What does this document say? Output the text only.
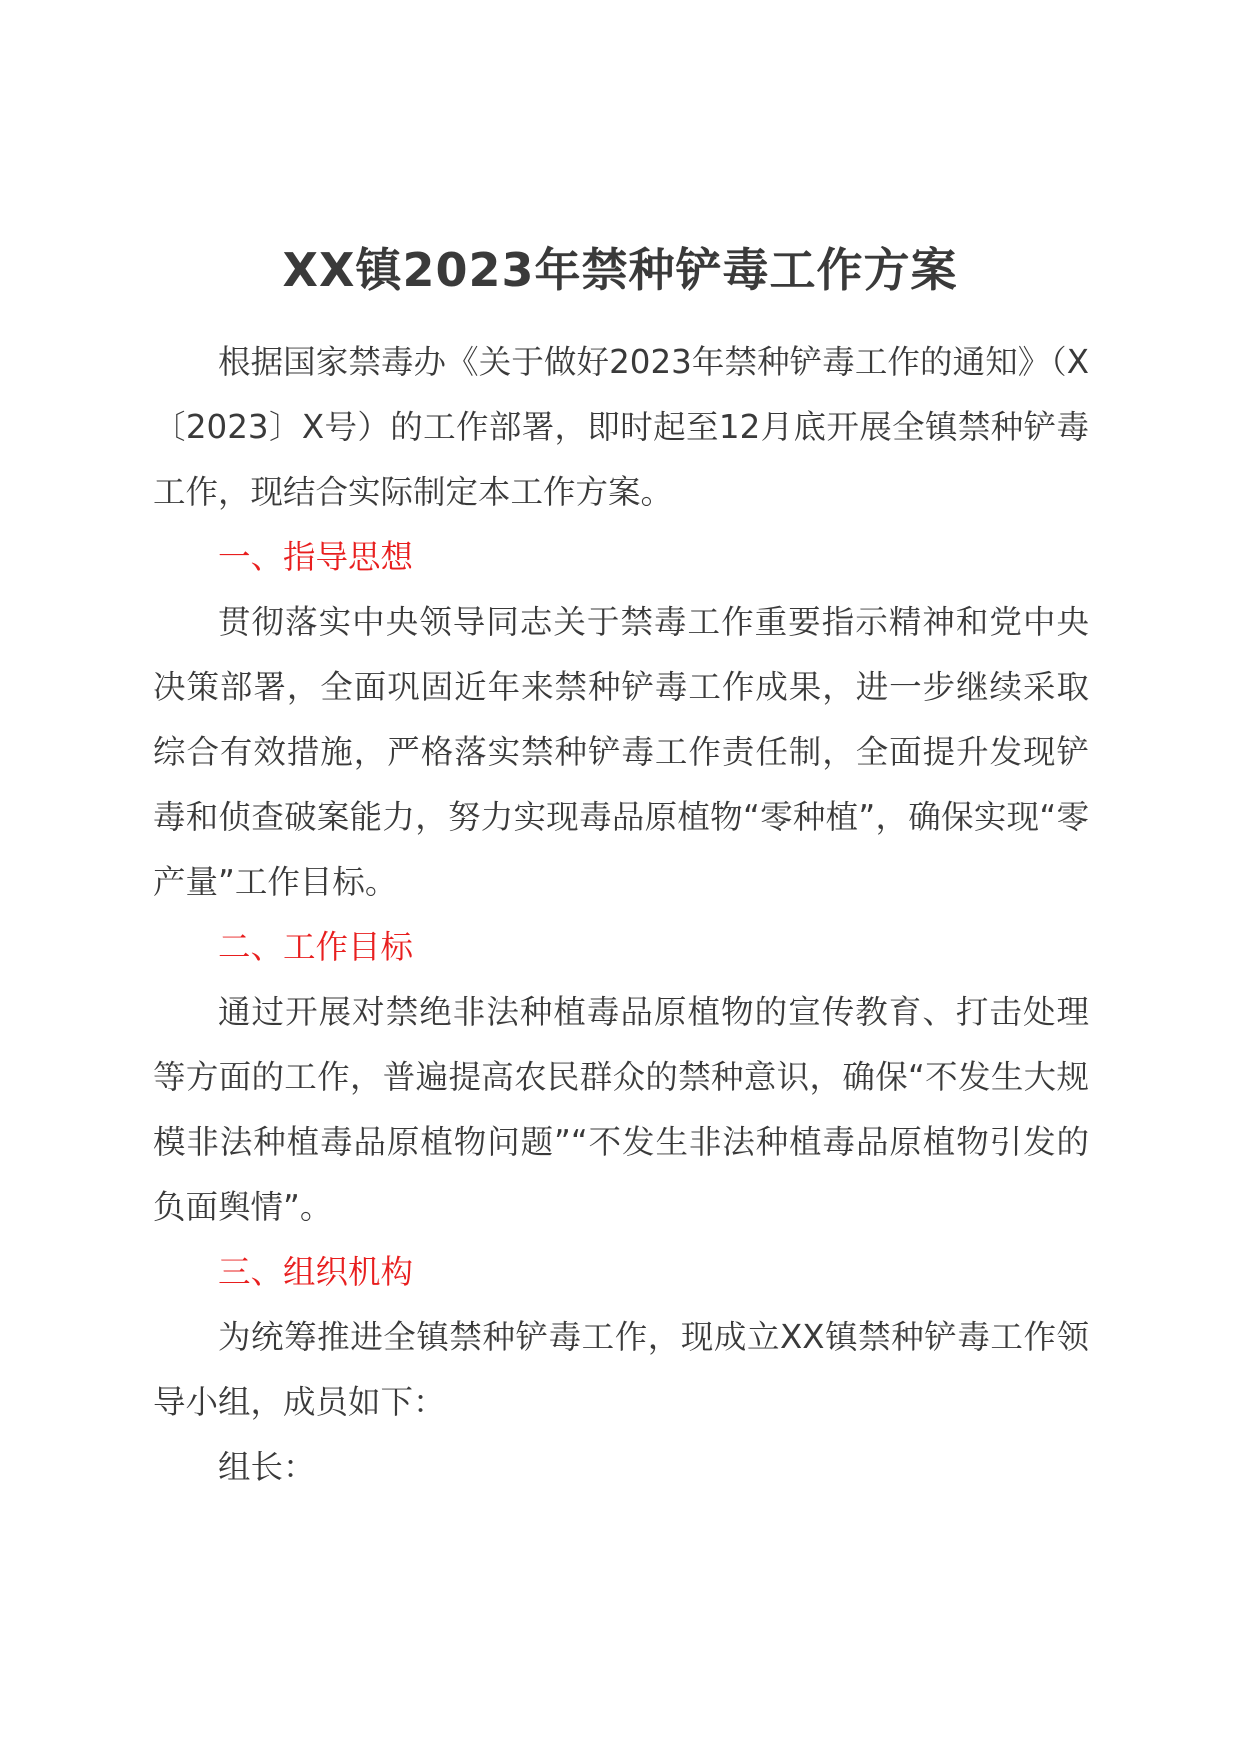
XX镇2023年禁种铲毒工作方案

根据国家禁毒办《关于做好2023年禁种铲毒工作的通知》（X〔2023〕X号）的工作部署，即时起至12月底开展全镇禁种铲毒工作，现结合实际制定本工作方案。

一、指导思想

贯彻落实中央领导同志关于禁毒工作重要指示精神和党中央决策部署，全面巩固近年来禁种铲毒工作成果，进一步继续采取综合有效措施，严格落实禁种铲毒工作责任制，全面提升发现铲毒和侦查破案能力，努力实现毒品原植物“零种植”，确保实现“零产量”工作目标。

二、工作目标

通过开展对禁绝非法种植毒品原植物的宣传教育、打击处理等方面的工作，普遍提高农民群众的禁种意识，确保“不发生大规模非法种植毒品原植物问题”“不发生非法种植毒品原植物引发的负面舆情”。

三、组织机构

为统筹推进全镇禁种铲毒工作，现成立XX镇禁种铲毒工作领导小组，成员如下：

组长：
